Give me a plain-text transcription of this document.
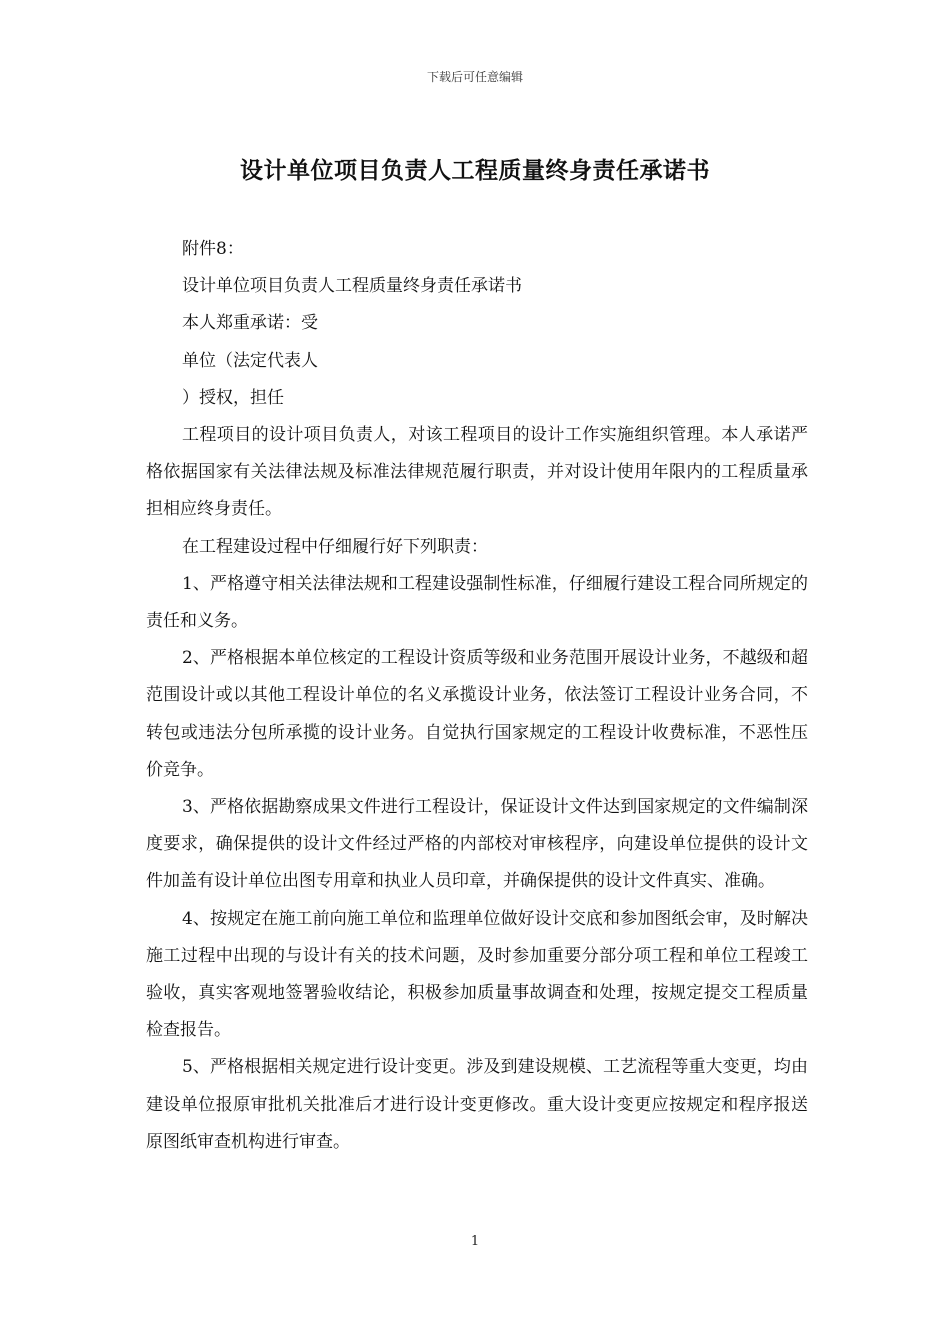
下载后可任意编辑
设计单位项目负责人工程质量终身责任承诺书

附件8：

设计单位项目负责人工程质量终身责任承诺书

本人郑重承诺：受

单位（法定代表人

）授权，担任

工程项目的设计项目负责人，对该工程项目的设计工作实施组织管理。本人承诺严格依据国家有关法律法规及标准法律规范履行职责，并对设计使用年限内的工程质量承担相应终身责任。

在工程建设过程中仔细履行好下列职责：

1、严格遵守相关法律法规和工程建设强制性标准，仔细履行建设工程合同所规定的责任和义务。

2、严格根据本单位核定的工程设计资质等级和业务范围开展设计业务，不越级和超范围设计或以其他工程设计单位的名义承揽设计业务，依法签订工程设计业务合同，不转包或违法分包所承揽的设计业务。自觉执行国家规定的工程设计收费标准，不恶性压价竞争。

3、严格依据勘察成果文件进行工程设计，保证设计文件达到国家规定的文件编制深度要求，确保提供的设计文件经过严格的内部校对审核程序，向建设单位提供的设计文件加盖有设计单位出图专用章和执业人员印章，并确保提供的设计文件真实、准确。

4、按规定在施工前向施工单位和监理单位做好设计交底和参加图纸会审，及时解决施工过程中出现的与设计有关的技术问题，及时参加重要分部分项工程和单位工程竣工验收，真实客观地签署验收结论，积极参加质量事故调查和处理，按规定提交工程质量检查报告。

5、严格根据相关规定进行设计变更。涉及到建设规模、工艺流程等重大变更，均由建设单位报原审批机关批准后才进行设计变更修改。重大设计变更应按规定和程序报送原图纸审查机构进行审查。

1
